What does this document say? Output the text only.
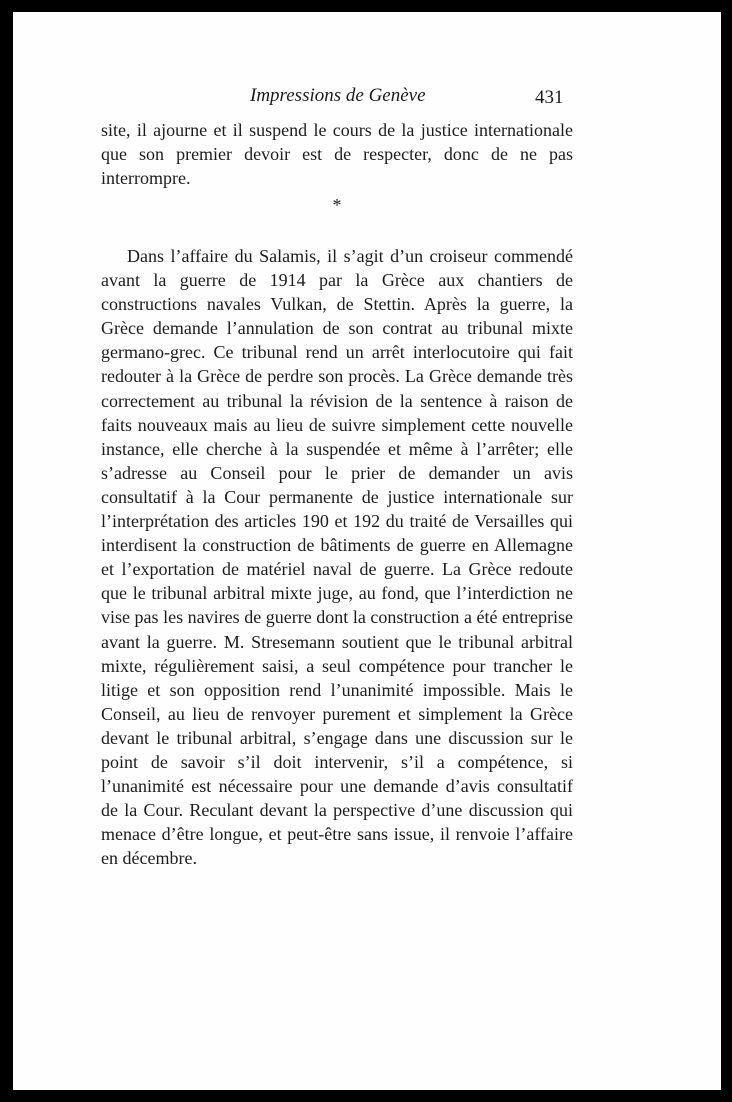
Impressions de Genève	431

site, il ajourne et il suspend le cours de la justice internationale que son premier devoir est de respecter, donc de ne pas interrompre.

*

Dans l’affaire du Salamis, il s’agit d’un croiseur commendé avant la guerre de 1914 par la Grèce aux chantiers de constructions navales Vulkan, de Stettin. Après la guerre, la Grèce demande l’annulation de son contrat au tribunal mixte germano-grec. Ce tribunal rend un arrêt interlocutoire qui fait redouter à la Grèce de perdre son procès. La Grèce demande très correctement au tribunal la révision de la sentence à raison de faits nouveaux mais au lieu de suivre simplement cette nouvelle instance, elle cherche à la suspendée et même à l’arrêter; elle s’adresse au Conseil pour le prier de demander un avis consultatif à la Cour permanente de justice internationale sur l’interprétation des articles 190 et 192 du traité de Versailles qui interdisent la construction de bâtiments de guerre en Allemagne et l’exportation de matériel naval de guerre. La Grèce redoute que le tribunal arbitral mixte juge, au fond, que l’interdiction ne vise pas les navires de guerre dont la construction a été entreprise avant la guerre. M. Stresemann soutient que le tribunal arbitral mixte, régulièrement saisi, a seul compétence pour trancher le litige et son opposition rend l’unanimité impossible. Mais le Conseil, au lieu de renvoyer purement et simplement la Grèce devant le tribunal arbitral, s’engage dans une discussion sur le point de savoir s’il doit intervenir, s’il a compétence, si l’unanimité est nécessaire pour une demande d’avis consultatif de la Cour. Reculant devant la perspective d’une discussion qui menace d’être longue, et peut-être sans issue, il renvoie l’affaire en décembre.
